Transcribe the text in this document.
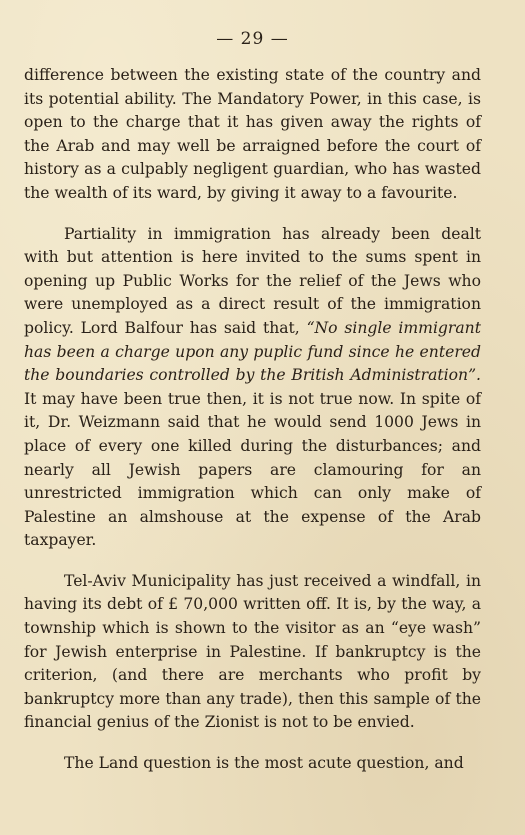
— 29 —

difference between the existing state of the country and its potential ability. The Mandatory Power, in this case, is open to the charge that it has given away the rights of the Arab and may well be arraigned before the court of history as a culpably negligent guardian, who has wasted the wealth of its ward, by giving it away to a favourite.

Partiality in immigration has already been dealt with but attention is here invited to the sums spent in opening up Public Works for the relief of the Jews who were unemployed as a direct result of the immigration policy. Lord Balfour has said that, “No single immigrant has been a charge upon any puplic fund since he entered the boundaries controlled by the British Administration”. It may have been true then, it is not true now. In spite of it, Dr. Weizmann said that he would send 1000 Jews in place of every one killed during the disturbances; and nearly all Jewish papers are clamouring for an unrestricted immigration which can only make of Palestine an almshouse at the expense of the Arab taxpayer.

Tel-Aviv Municipality has just received a windfall, in having its debt of £ 70,000 written off. It is, by the way, a township which is shown to the visitor as an “eye wash” for Jewish enterprise in Palestine. If bankruptcy is the criterion, (and there are merchants who profit by bankruptcy more than any trade), then this sample of the financial genius of the Zionist is not to be envied.

The Land question is the most acute question, and
